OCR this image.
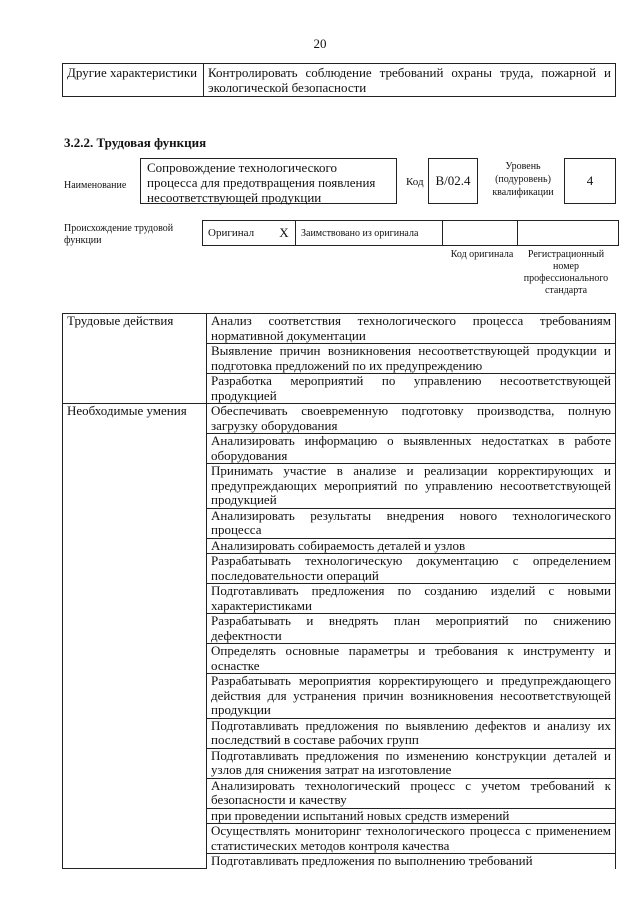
20
Другие характеристики	Контролировать соблюдение требований охраны труда, пожарной и экологической безопасности
3.2.2. Трудовая функция
Наименование
Сопровождение технологического процесса для предотвращения появления несоответствующей продукции
Код В/02.4
Уровень (подуровень) квалификации
4
Происхождение трудовой функции
Оригинал	X	Заимствовано из оригинала		
Код оригинала	Регистрационный номер профессионального стандарта
Трудовые действия	Анализ соответствия технологического процесса требованиям нормативной документации
	Выявление причин возникновения несоответствующей продукции и подготовка предложений по их предупреждению
	Разработка мероприятий по управлению несоответствующей продукцией
Необходимые умения	Обеспечивать своевременную подготовку производства, полную загрузку оборудования
	Анализировать информацию о выявленных недостатках в работе оборудования
	Принимать участие в анализе и реализации корректирующих и предупреждающих мероприятий по управлению несоответствующей продукцией
	Анализировать результаты внедрения нового технологического процесса
	Анализировать собираемость деталей и узлов
	Разрабатывать технологическую документацию с определением последовательности операций
	Подготавливать предложения по созданию изделий с новыми характеристиками
	Разрабатывать и внедрять план мероприятий по снижению дефектности
	Определять основные параметры и требования к инструменту и оснастке
	Разрабатывать мероприятия корректирующего и предупреждающего действия для устранения причин возникновения несоответствующей продукции
	Подготавливать предложения по выявлению дефектов и анализу их последствий в составе рабочих групп
	Подготавливать предложения по изменению конструкции деталей и узлов для снижения затрат на изготовление
	Анализировать технологический процесс с учетом требований к безопасности и качеству
	при проведении испытаний новых средств измерений
	Осуществлять мониторинг технологического процесса с применением статистических методов контроля качества
	Подготавливать предложения по выполнению требований
